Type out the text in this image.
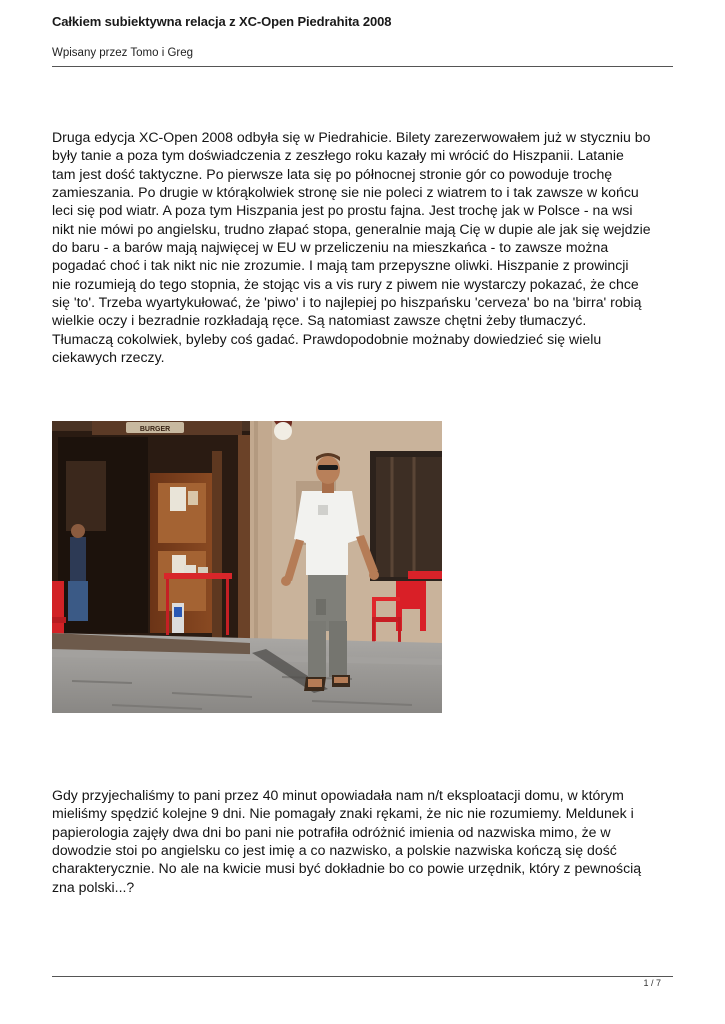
Całkiem subiektywna relacja z XC-Open Piedrahita 2008
Wpisany przez Tomo i Greg

Druga edycja XC-Open 2008 odbyła się w Piedrahicie. Bilety zarezerwowałem już w styczniu bo
były tanie a poza tym doświadczenia z zeszłego roku kazały mi wrócić do Hiszpanii. Latanie
tam jest dość taktyczne. Po pierwsze lata się po północnej stronie gór co powoduje trochę
zamieszania. Po drugie w którąkolwiek stronę sie nie poleci z wiatrem to i tak zawsze w końcu
leci się pod wiatr. A poza tym Hiszpania jest po prostu fajna. Jest trochę jak w Polsce - na wsi
nikt nie mówi po angielsku, trudno złapać stopa, generalnie mają Cię w dupie ale jak się wejdzie
do baru - a barów mają najwięcej w EU w przeliczeniu na mieszkańca - to zawsze można
pogadać choć i tak nikt nic nie zrozumie. I mają tam przepyszne oliwki. Hiszpanie z prowincji
nie rozumieją do tego stopnia, że stojąc vis a vis rury z piwem nie wystarczy pokazać, że chce
się 'to'. Trzeba wyartykułować, że 'piwo' i to najlepiej po hiszpańsku 'cerveza' bo na 'birra' robią
wielkie oczy i bezradnie rozkładają ręce. Są natomiast zawsze chętni żeby tłumaczyć.
Tłumaczą cokolwiek, byleby coś gadać. Prawdopodobnie możnaby dowiedzieć się wielu
ciekawych rzeczy.

BURGER

Gdy przyjechaliśmy to pani przez 40 minut opowiadała nam n/t eksploatacji domu, w którym
mieliśmy spędzić kolejne 9 dni. Nie pomagały znaki rękami, że nic nie rozumiemy. Meldunek i
papierologia zajęły dwa dni bo pani nie potrafiła odróżnić imienia od nazwiska mimo, że w
dowodzie stoi po angielsku co jest imię a co nazwisko, a polskie nazwiska kończą się dość
charakterycznie. No ale na kwicie musi być dokładnie bo co powie urzędnik, który z pewnością
zna polski...?

1 / 7
